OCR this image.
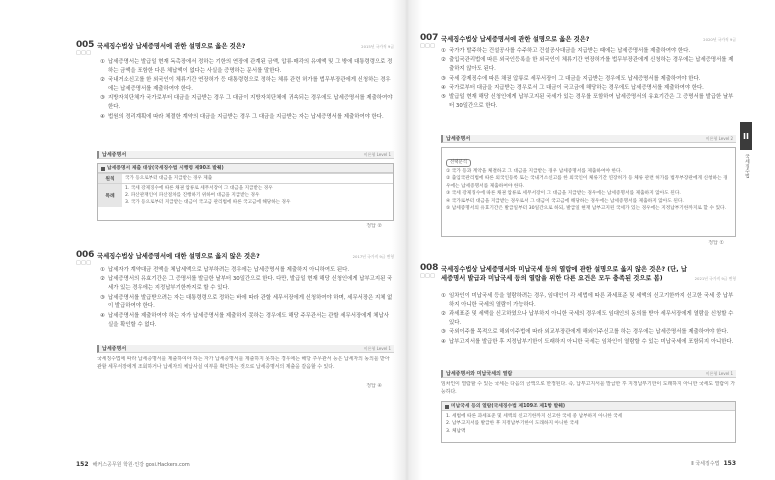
005
□□□
국세징수법상 납세증명서에 관한 설명으로 옳은 것은?	2015년 국가직 9급
① 납세증명서는 발급일 현재 독촉장에서 정하는 기한의 연장에 관계된 금액, 압류·매각의 유예액 및 그 밖에 대통령령으로 정하는 금액을 포함한 다른 체납액이 없다는 사실을 증명하는 문서를 말한다.
② 국내거소신고를 한 외국인이 체류기간 연장허가 등 대통령령으로 정하는 체류 관련 허가를 법무부장관에게 신청하는 경우에는 납세증명서를 제출하여야 한다.
③ 지방자치단체가 국가로부터 대금을 지급받는 경우 그 대금이 지방자치단체에 귀속되는 경우에도 납세증명서를 제출하여야 한다.
④ 법원의 정리계획에 따라 체결한 계약의 대금을 지급받는 경우 그 대금을 지급받는 자는 납세증명서를 제출하여야 한다.
납세증명서	이론형 Level 1
납세증명서 제출 대상(국세징수법 시행령 제90조 발췌)
원칙	국가 등으로부터 대금을 지급받는 경우 제출
특례
1. 국세 강제징수에 따른 채권 압류로 세무서장이 그 대금을 지급받는 경우
2. 파산관재인이 파산절차를 진행하기 위하여 대금을 지급받는 경우
3. 국가 등으로부터 지급받는 대금이 국고금 관리법에 따른 국고금에 해당하는 경우
정답 ②
006
□□□
국세징수법상 납세증명서에 대한 설명으로 옳지 않은 것은?	2017년 국가직 9급 변형
① 납세자가 계약대금 전액을 체납세액으로 납부하려는 경우에는 납세증명서를 제출하지 아니하여도 된다.
② 납세증명서의 유효기간은 그 증명서를 발급한 날부터 30일간으로 한다. 다만, 발급일 현재 해당 신청인에게 납부고지된 국세가 있는 경우에는 지정납부기한까지로 할 수 있다.
③ 납세증명서를 발급받으려는 자는 대통령령으로 정하는 바에 따라 관할 세무서장에게 신청하여야 하며, 세무서장은 지체 없이 발급하여야 한다.
④ 납세증명서를 제출하여야 하는 자가 납세증명서를 제출하지 못하는 경우에도 해당 주무관서는 관할 세무서장에게 체납사실을 확인할 수 없다.
납세증명서	이론형 Level 1
국세징수법에 따라 납세증명서를 제출하여야 하는 자가 납세증명서를 제출하지 못하는 경우에는 해당 주무관서 등은 납세자의 동의를 받아 관할 세무서장에게 조회하거나 납세자의 체납사실 여부를 확인하는 것으로 납세증명서의 제출을 갈음할 수 있다.
정답 ④
152 해커스공무원 학원·인강 gosi.Hackers.com
007
□□□
국세징수법상 납세증명서에 관한 설명으로 옳은 것은?	2020년 국가직 9급
① 국가가 발주하는 건설공사를 수주하고 건설공사대금을 지급받는 때에는 납세증명서를 제출하여야 한다.
② 출입국관리법에 따른 외국인등록을 한 외국인이 체류기간 연장허가를 법무부장관에게 신청하는 경우에는 납세증명서를 제출하지 않아도 된다.
③ 국세 강제징수에 따른 채권 압류로 세무서장이 그 대금을 지급받는 경우에도 납세증명서를 제출하여야 한다.
④ 국가로부터 대금을 지급받는 경우로서 그 대금이 국고금에 해당하는 경우에도 납세증명서를 제출하여야 한다.
⑤ 발급일 현재 해당 신청인에게 납부고지된 국세가 있는 경우를 포함하여 납세증명서의 유효기간은 그 증명서를 발급한 날부터 30일간으로 한다.
납세증명서	이론형 Level 2
선택분석
① 국가 등과 계약을 체결하고 그 대금을 지급받는 경우 납세증명서를 제출하여야 한다.
② 출입국관리법에 따른 외국인등록 또는 국내거소신고를 한 외국인이 체류기간 연장허가 등 체류 관련 허가를 법무부장관에게 신청하는 경우에는 납세증명서를 제출하여야 한다.
③ 국세 강제징수에 따른 채권 압류로 세무서장이 그 대금을 지급받는 경우에는 납세증명서를 제출하지 않아도 된다.
④ 국가로부터 대금을 지급받는 경우로서 그 대금이 국고금에 해당하는 경우에는 납세증명서를 제출하지 않아도 된다.
⑤ 납세증명서의 유효기간은 발급일부터 30일간으로 하되, 발급일 현재 납부고지된 국세가 있는 경우에는 지정납부기한까지로 할 수 있다.
정답 ①
008
□□□
국세징수법상 납세증명서와 미납국세 등의 열람에 관한 설명으로 옳지 않은 것은? (단, 납세증명서 발급과 미납국세 등의 열람을 위한 다른 요건은 모두 충족된 것으로 봄)	2021년 국가직 9급 변형
① 임차인이 미납국세 등을 열람하려는 경우, 임대인이 각 세법에 따른 과세표준 및 세액의 신고기한까지 신고한 국세 중 납부하지 아니한 국세의 열람이 가능하다.
② 과세표준 및 세액을 신고하였으나 납부하지 아니한 국세의 경우에도 임대인의 동의를 받아 세무서장에게 열람을 신청할 수 있다.
③ 국외이주를 목적으로 해외이주법에 따라 외교부장관에게 해외이주신고를 하는 경우에는 납세증명서를 제출하여야 한다.
④ 납부고지서를 발급한 후 지정납부기한이 도래하지 아니한 국세는 임차인이 열람할 수 있는 미납국세에 포함되지 아니한다.
납세증명서와 미납국세의 열람	이론형 Level 1
임차인이 열람할 수 있는 국세는 다음의 금액으로 한정된다. 즉, 납부고지서를 발급한 후 지정납부기한이 도래하지 아니한 국세도 열람이 가능하다.
미납국세 등의 열람(국세징수법 제109조 제1항 발췌)
1. 세법에 따른 과세표준 및 세액의 신고기한까지 신고한 국세 중 납부하지 아니한 국세
2. 납부고지서를 발급한 후 지정납부기한이 도래하지 아니한 국세
3. 체납액
Ⅱ 국세징수법 153
II
국세징수법
